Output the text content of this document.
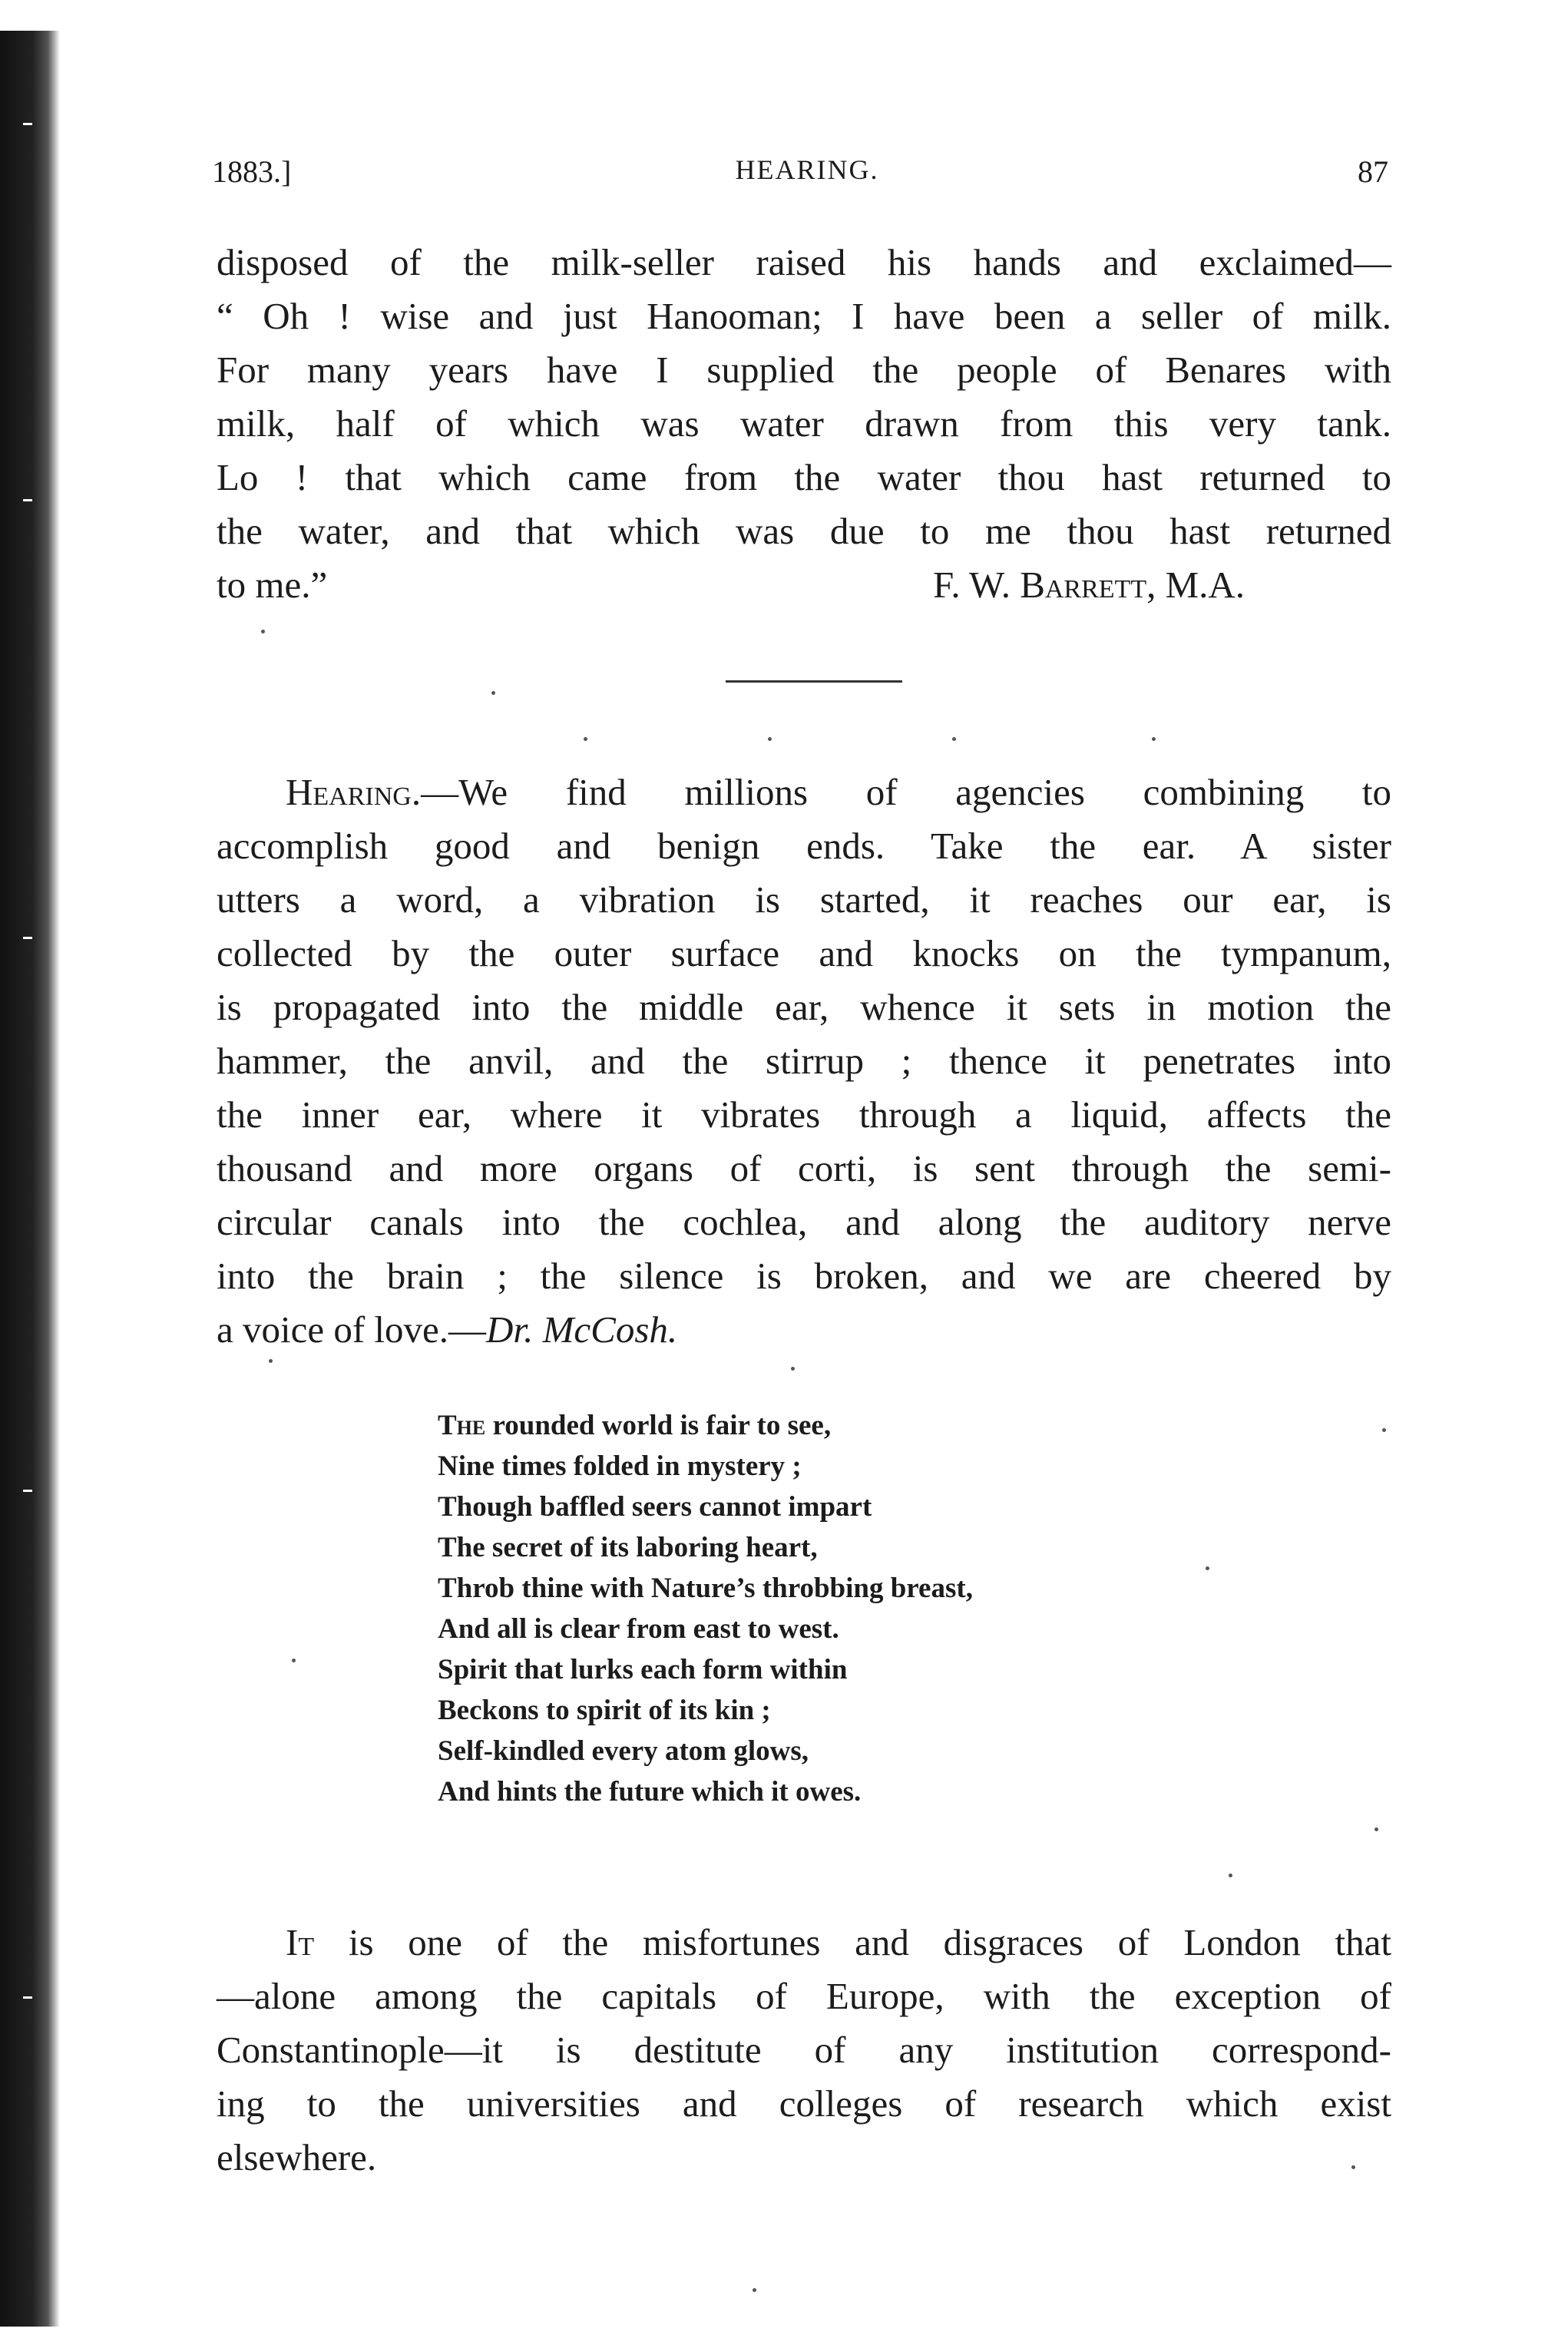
1883.]	HEARING.	87
disposed of the milk-seller raised his hands and exclaimed—
“ Oh ! wise and just Hanooman; I have been a seller of milk.
For many years have I supplied the people of Benares with
milk, half of which was water drawn from this very tank.
Lo ! that which came from the water thou hast returned to
the water, and that which was due to me thou hast returned
to me.”	F. W. Barrett, M.A.
Hearing.—We find millions of agencies combining to
accomplish good and benign ends. Take the ear. A sister
utters a word, a vibration is started, it reaches our ear, is
collected by the outer surface and knocks on the tympanum,
is propagated into the middle ear, whence it sets in motion the
hammer, the anvil, and the stirrup ; thence it penetrates into
the inner ear, where it vibrates through a liquid, affects the
thousand and more organs of corti, is sent through the semi-
circular canals into the cochlea, and along the auditory nerve
into the brain ; the silence is broken, and we are cheered by
a voice of love.—Dr. McCosh.
The rounded world is fair to see,
Nine times folded in mystery ;
Though baffled seers cannot impart
The secret of its laboring heart,
Throb thine with Nature’s throbbing breast,
And all is clear from east to west.
Spirit that lurks each form within
Beckons to spirit of its kin ;
Self-kindled every atom glows,
And hints the future which it owes.
It is one of the misfortunes and disgraces of London that
—alone among the capitals of Europe, with the exception of
Constantinople—it is destitute of any institution correspond-
ing to the universities and colleges of research which exist
elsewhere.
